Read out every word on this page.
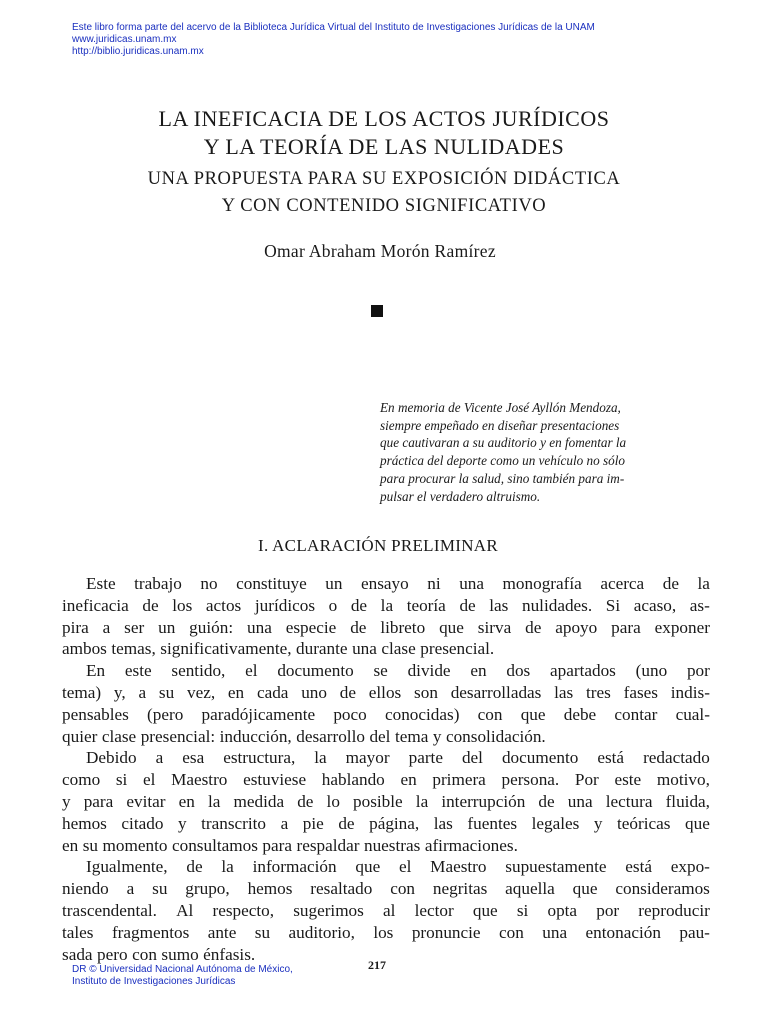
Este libro forma parte del acervo de la Biblioteca Jurídica Virtual del Instituto de Investigaciones Jurídicas de la UNAM
www.juridicas.unam.mx
http://biblio.juridicas.unam.mx
LA INEFICACIA DE LOS ACTOS JURÍDICOS
Y LA TEORÍA DE LAS NULIDADES
UNA PROPUESTA PARA SU EXPOSICIÓN DIDÁCTICA
Y CON CONTENIDO SIGNIFICATIVO
Omar Abraham Morón Ramírez
En memoria de Vicente José Ayllón Mendoza,
siempre empeñado en diseñar presentaciones
que cautivaran a su auditorio y en fomentar la
práctica del deporte como un vehículo no sólo
para procurar la salud, sino también para im-
pulsar el verdadero altruismo.
I. ACLARACIÓN PRELIMINAR
Este trabajo no constituye un ensayo ni una monografía acerca de la
ineficacia de los actos jurídicos o de la teoría de las nulidades. Si acaso, as-
pira a ser un guión: una especie de libreto que sirva de apoyo para exponer
ambos temas, significativamente, durante una clase presencial.
En este sentido, el documento se divide en dos apartados (uno por
tema) y, a su vez, en cada uno de ellos son desarrolladas las tres fases indis-
pensables (pero paradójicamente poco conocidas) con que debe contar cual-
quier clase presencial: inducción, desarrollo del tema y consolidación.
Debido a esa estructura, la mayor parte del documento está redactado
como si el Maestro estuviese hablando en primera persona. Por este motivo,
y para evitar en la medida de lo posible la interrupción de una lectura fluida,
hemos citado y transcrito a pie de página, las fuentes legales y teóricas que
en su momento consultamos para respaldar nuestras afirmaciones.
Igualmente, de la información que el Maestro supuestamente está expo-
niendo a su grupo, hemos resaltado con negritas aquella que consideramos
trascendental. Al respecto, sugerimos al lector que si opta por reproducir
tales fragmentos ante su auditorio, los pronuncie con una entonación pau-
sada pero con sumo énfasis.
217
DR © Universidad Nacional Autónoma de México,
Instituto de Investigaciones Jurídicas
